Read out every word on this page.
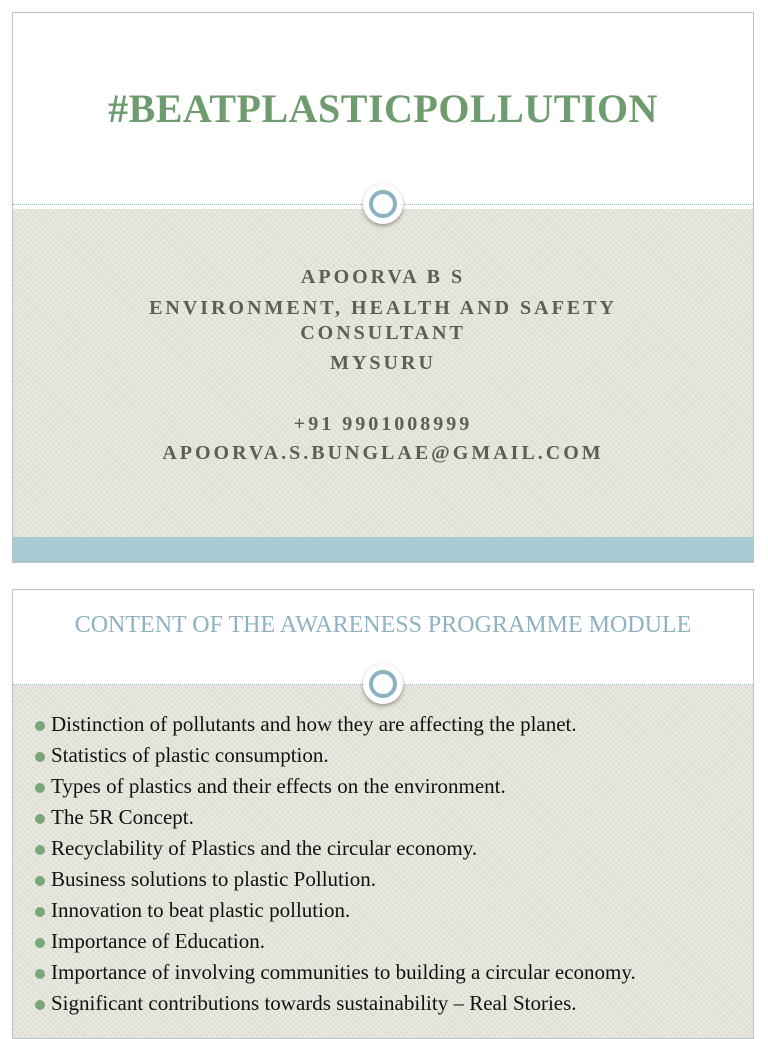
#BEATPLASTICPOLLUTION
APOORVA B S
ENVIRONMENT, HEALTH AND SAFETY
CONSULTANT
MYSURU
+91 9901008999
APOORVA.S.BUNGLAE@GMAIL.COM
CONTENT OF THE AWARENESS PROGRAMME MODULE
Distinction of pollutants and how they are affecting the planet.
Statistics of plastic consumption.
Types of plastics and their effects on the environment.
The 5R Concept.
Recyclability of Plastics and the circular economy.
Business solutions to plastic Pollution.
Innovation to beat plastic pollution.
Importance of Education.
Importance of involving communities to building a circular economy.
Significant contributions towards sustainability – Real Stories.
